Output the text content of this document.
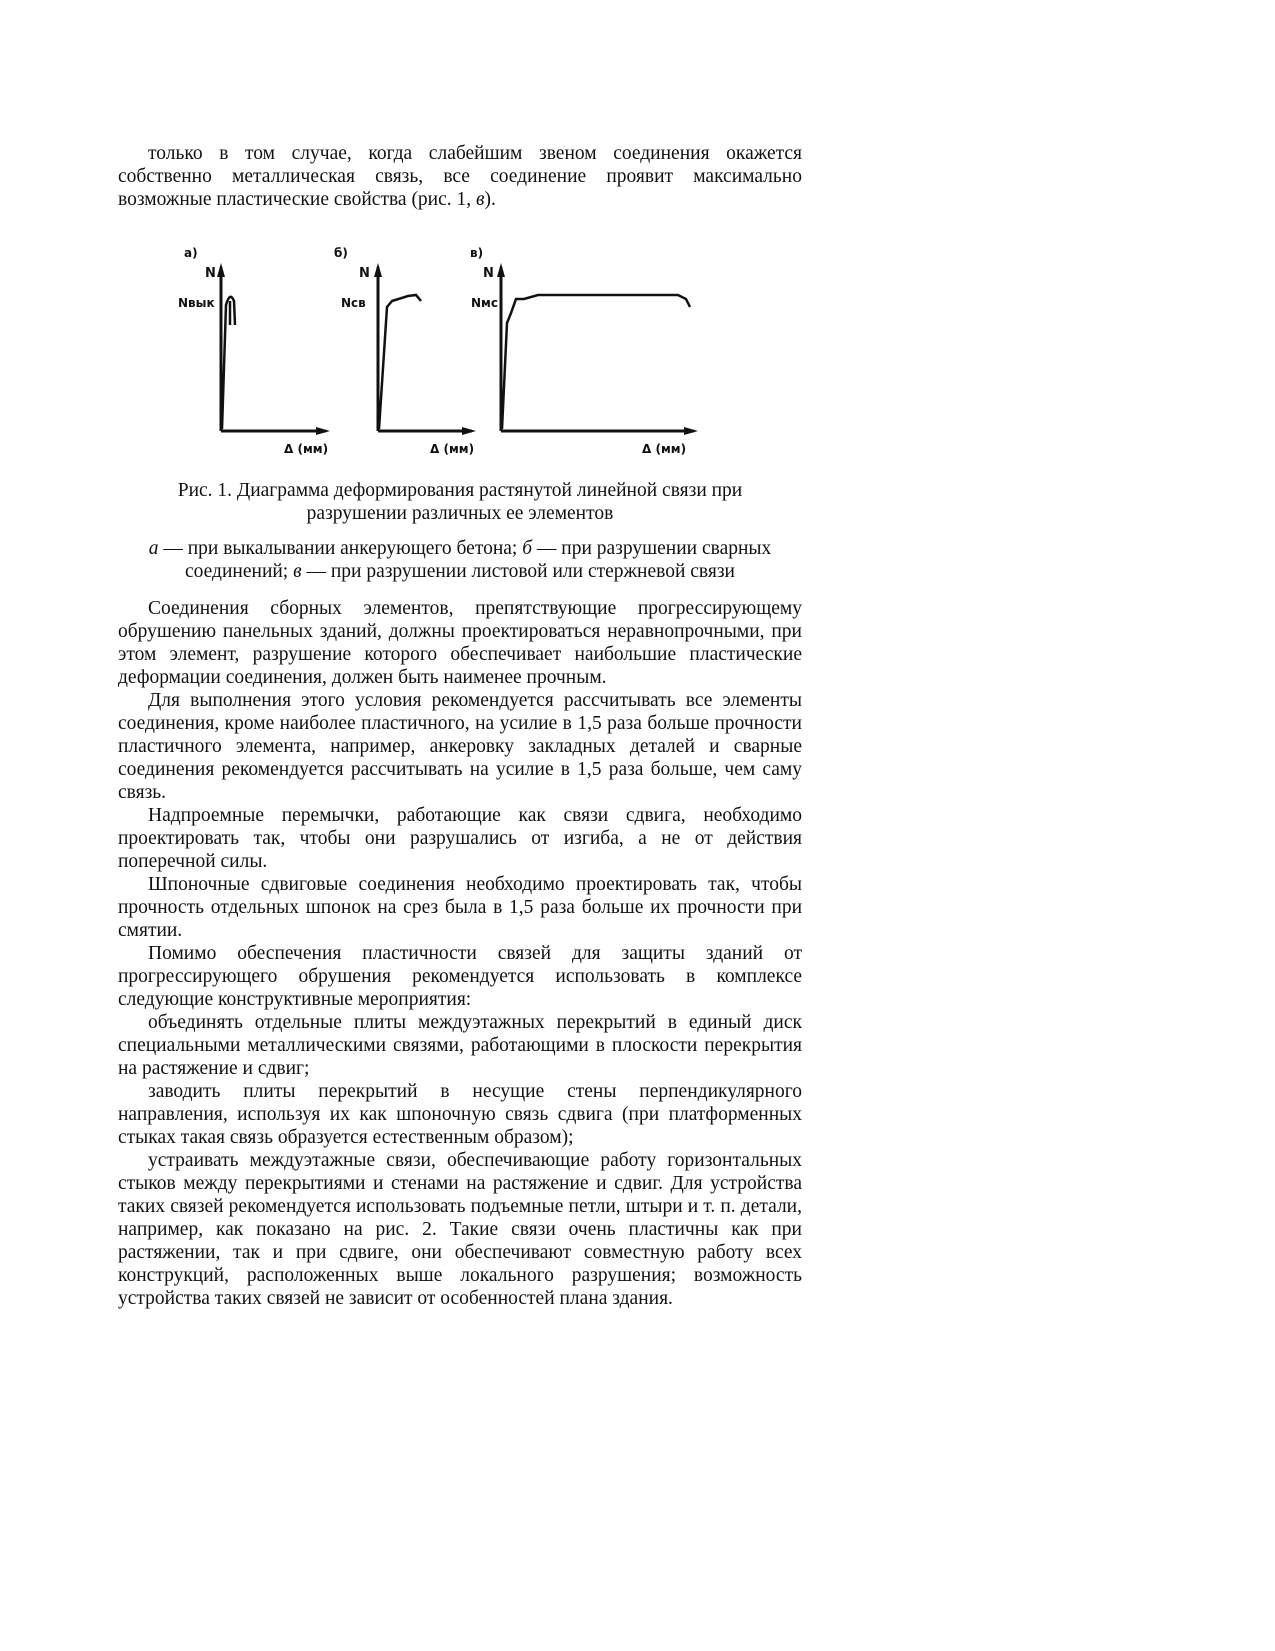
только в том случае, когда слабейшим звеном соединения окажется собственно металлическая связь, все соединение проявит максимально возможные пластические свойства (рис. 1, в).

а)
N
Nвык
Δ (мм)
б)
N
Nсв
Δ (мм)
в)
N
Nмс
Δ (мм)
Рис. 1. Диаграмма деформирования растянутой линейной связи при
разрушении различных ее элементов
а — при выкалывании анкерующего бетона; б — при разрушении сварных
соединений; в — при разрушении листовой или стержневой связи

Соединения сборных элементов, препятствующие прогрессирующему обрушению панельных зданий, должны проектироваться неравнопрочными, при этом элемент, разрушение которого обеспечивает наибольшие пластические деформации соединения, должен быть наименее прочным.

Для выполнения этого условия рекомендуется рассчитывать все элементы соединения, кроме наиболее пластичного, на усилие в 1,5 раза больше прочности пластичного элемента, например, анкеровку закладных деталей и сварные соединения рекомендуется рассчитывать на усилие в 1,5 раза больше, чем саму связь.

Надпроемные перемычки, работающие как связи сдвига, необходимо проектировать так, чтобы они разрушались от изгиба, а не от действия поперечной силы.

Шпоночные сдвиговые соединения необходимо проектировать так, чтобы прочность отдельных шпонок на срез была в 1,5 раза больше их прочности при смятии.

Помимо обеспечения пластичности связей для защиты зданий от прогрессирующего обрушения рекомендуется использовать в комплексе следующие конструктивные мероприятия:

объединять отдельные плиты междуэтажных перекрытий в единый диск специальными металлическими связями, работающими в плоскости перекрытия на растяжение и сдвиг;

заводить плиты перекрытий в несущие стены перпендикулярного направления, используя их как шпоночную связь сдвига (при платформенных стыках такая связь образуется естественным образом);

устраивать междуэтажные связи, обеспечивающие работу горизонтальных стыков между перекрытиями и стенами на растяжение и сдвиг. Для устройства таких связей рекомендуется использовать подъемные петли, штыри и т. п. детали, например, как показано на рис. 2. Такие связи очень пластичны как при растяжении, так и при сдвиге, они обеспечивают совместную работу всех конструкций, расположенных выше локального разрушения; возможность устройства таких связей не зависит от особенностей плана здания.
